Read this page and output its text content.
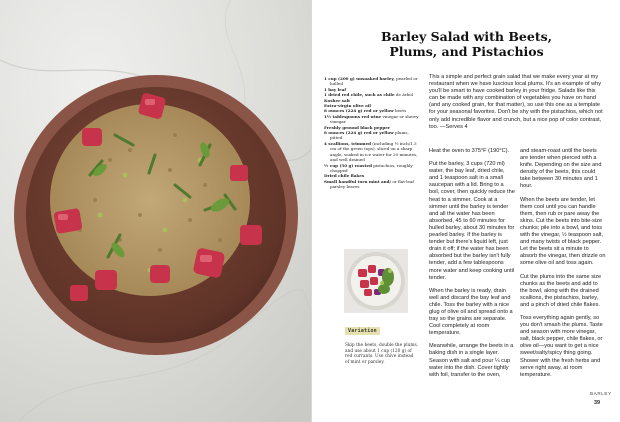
Barley Salad with Beets,
Plums, and Pistachios
1 cup (200 g) unsoaked barley, pearled or hulled
1 bay leaf
1 dried red chile, such as chile de árbol
Kosher salt
Extra-virgin olive oil
8 ounces (224 g) red or yellow beets
1½ tablespoons red wine vinegar or sherry vinegar
Freshly ground black pepper
8 ounces (224 g) red or yellow plums, pitted
4 scallions, trimmed (including ½ inch/1.3 cm of the green tops), sliced on a sharp angle, soaked in ice water for 20 minutes, and well drained
½ cup (50 g) roasted pistachios, roughly chopped
Dried chile flakes
Small handful torn mint and/ or flat-leaf parsley leaves
This a simple and perfect grain salad that we make every year at my restaurant when we have luscious local plums. It's an example of why you'll be smart to have cooked barley in your fridge. Salads like this can be made with any combination of vegetables you have on hand (and any cooked grain, for that matter), so use this one as a template for your seasonal favorites. Don't be shy with the pistachios, which not only add incredible flavor and crunch, but a nice pop of color contrast, too. —Serves 4

Heat the oven to 375°F (190°C).

Put the barley, 3 cups (720 ml) water, the bay leaf, dried chile, and 1 teaspoon salt in a small saucepan with a lid. Bring to a boil, cover, then quickly reduce the heat to a simmer. Cook at a simmer until the barley is tender and all the water has been absorbed, 45 to 60 minutes for hulled barley, about 30 minutes for pearled barley. If the barley is tender but there's liquid left, just drain it off; if the water has been absorbed but the barley isn't fully tender, add a few tablespoons more water and keep cooking until tender.

When the barley is ready, drain well and discard the bay leaf and chile. Toss the barley with a nice glug of olive oil and spread onto a tray so the grains are separate. Cool completely at room temperature.

Meanwhile, arrange the beets in a baking dish in a single layer. Season with salt and pour ¼ cup water into the dish. Cover tightly with foil, transfer to the oven,

and steam-roast until the beets are tender when pierced with a knife. Depending on the size and density of the beets, this could take between 30 minutes and 1 hour.

When the beets are tender, let them cool until you can handle them, then rub or pare away the skins. Cut the beets into bite-size chunks; pile into a bowl, and toss with the vinegar, ½ teaspoon salt, and many twists of black pepper. Let the beets sit a minute to absorb the vinegar, then drizzle on some olive oil and toss again.

Cut the plums into the same size chunks as the beets and add to the bowl, along with the drained scallions, the pistachios, barley, and a pinch of dried chile flakes.

Toss everything again gently, so you don't smash the plums. Taste and season with more vinegar, salt, black pepper, chile flakes, or olive oil—you want to get a nice sweet/salty/spicy thing going. Shower with the fresh herbs and serve right away, at room temperature.

Variation
Skip the beets, double the plums, and use about 1 cup (120 g) of red currants. Use chive instead of mint or parsley.
BARLEY
39
